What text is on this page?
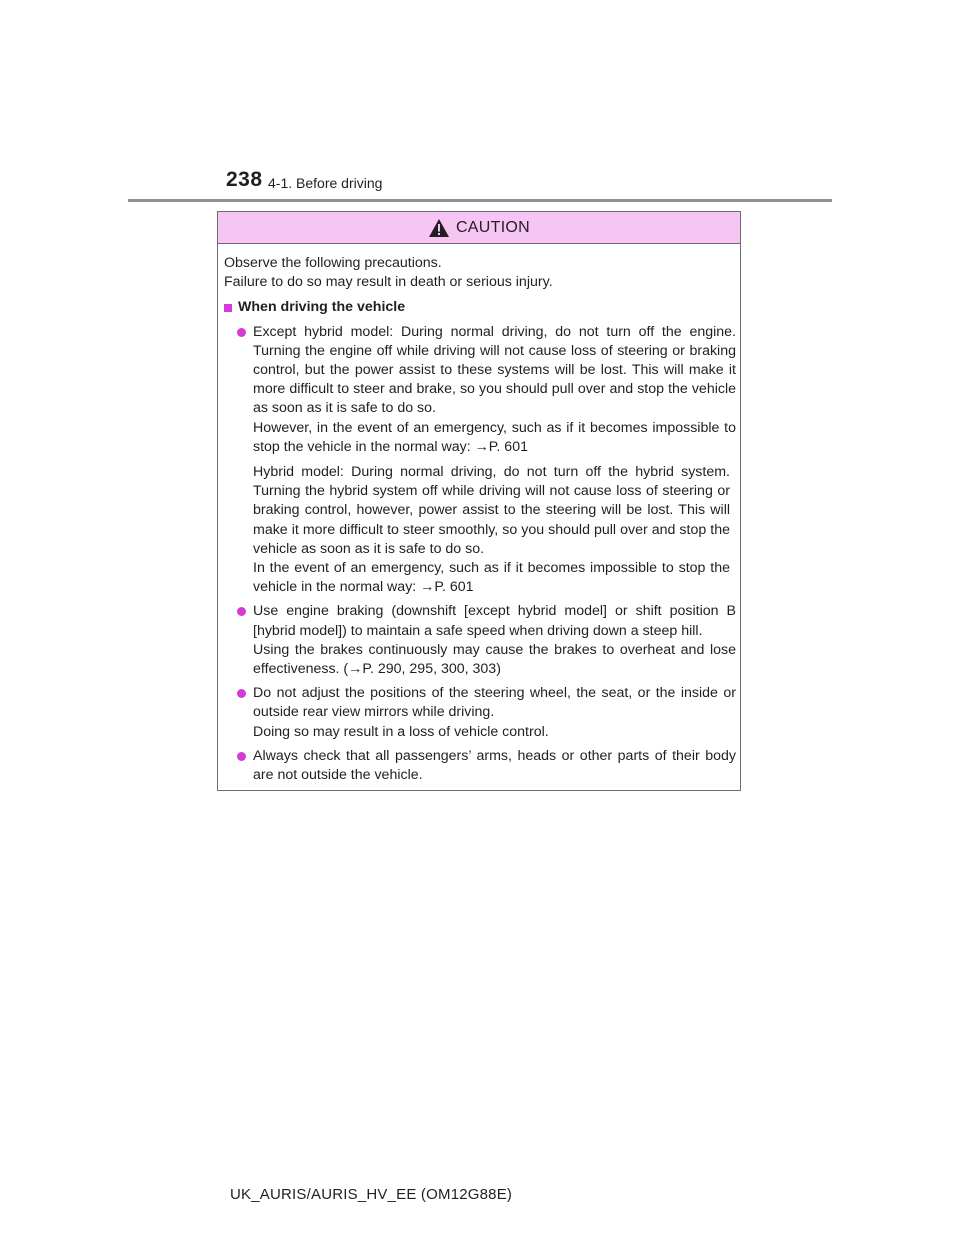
238 4-1. Before driving
CAUTION

Observe the following precautions.

Failure to do so may result in death or serious injury.

When driving the vehicle
Except hybrid model: During normal driving, do not turn off the engine. Turning the engine off while driving will not cause loss of steering or braking control, but the power assist to these systems will be lost. This will make it more difficult to steer and brake, so you should pull over and stop the vehicle as soon as it is safe to do so.
However, in the event of an emergency, such as if it becomes impossible to stop the vehicle in the normal way: →P. 601
Hybrid model: During normal driving, do not turn off the hybrid system. Turning the hybrid system off while driving will not cause loss of steering or braking control, however, power assist to the steering will be lost. This will make it more difficult to steer smoothly, so you should pull over and stop the vehicle as soon as it is safe to do so.
In the event of an emergency, such as if it becomes impossible to stop the vehicle in the normal way: →P. 601
Use engine braking (downshift [except hybrid model] or shift position B [hybrid model]) to maintain a safe speed when driving down a steep hill.
Using the brakes continuously may cause the brakes to overheat and lose effectiveness. (→P. 290, 295, 300, 303)
Do not adjust the positions of the steering wheel, the seat, or the inside or outside rear view mirrors while driving.
Doing so may result in a loss of vehicle control.
Always check that all passengers’ arms, heads or other parts of their body are not outside the vehicle.
UK_AURIS/AURIS_HV_EE (OM12G88E)
